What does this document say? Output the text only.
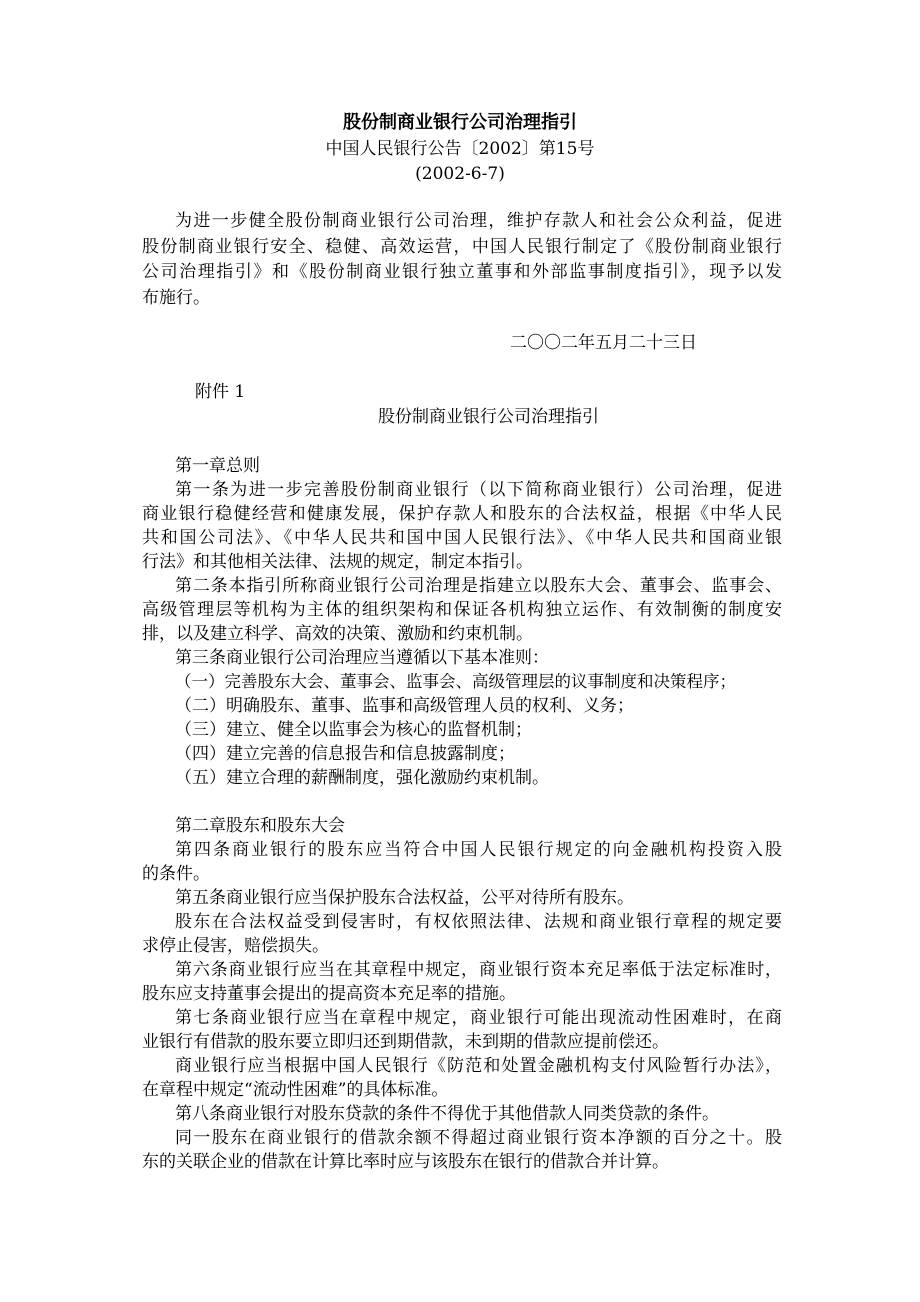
股份制商业银行公司治理指引
中国人民银行公告〔2002〕第15号
(2002-6-7)
为进一步健全股份制商业银行公司治理，维护存款人和社会公众利益，促进
股份制商业银行安全、稳健、高效运营，中国人民银行制定了《股份制商业银行
公司治理指引》和《股份制商业银行独立董事和外部监事制度指引》，现予以发
布施行。
二〇〇二年五月二十三日
附件 1
股份制商业银行公司治理指引
第一章总则
第一条为进一步完善股份制商业银行（以下简称商业银行）公司治理，促进
商业银行稳健经营和健康发展，保护存款人和股东的合法权益，根据《中华人民
共和国公司法》、《中华人民共和国中国人民银行法》、《中华人民共和国商业银
行法》和其他相关法律、法规的规定，制定本指引。
第二条本指引所称商业银行公司治理是指建立以股东大会、董事会、监事会、
高级管理层等机构为主体的组织架构和保证各机构独立运作、有效制衡的制度安
排，以及建立科学、高效的决策、激励和约束机制。
第三条商业银行公司治理应当遵循以下基本准则：
（一）完善股东大会、董事会、监事会、高级管理层的议事制度和决策程序；
（二）明确股东、董事、监事和高级管理人员的权利、义务；
（三）建立、健全以监事会为核心的监督机制；
（四）建立完善的信息报告和信息披露制度；
（五）建立合理的薪酬制度，强化激励约束机制。
第二章股东和股东大会
第四条商业银行的股东应当符合中国人民银行规定的向金融机构投资入股
的条件。
第五条商业银行应当保护股东合法权益，公平对待所有股东。
股东在合法权益受到侵害时，有权依照法律、法规和商业银行章程的规定要
求停止侵害，赔偿损失。
第六条商业银行应当在其章程中规定，商业银行资本充足率低于法定标准时，
股东应支持董事会提出的提高资本充足率的措施。
第七条商业银行应当在章程中规定，商业银行可能出现流动性困难时，在商
业银行有借款的股东要立即归还到期借款，未到期的借款应提前偿还。
商业银行应当根据中国人民银行《防范和处置金融机构支付风险暂行办法》，
在章程中规定“流动性困难”的具体标准。
第八条商业银行对股东贷款的条件不得优于其他借款人同类贷款的条件。
同一股东在商业银行的借款余额不得超过商业银行资本净额的百分之十。股
东的关联企业的借款在计算比率时应与该股东在银行的借款合并计算。
